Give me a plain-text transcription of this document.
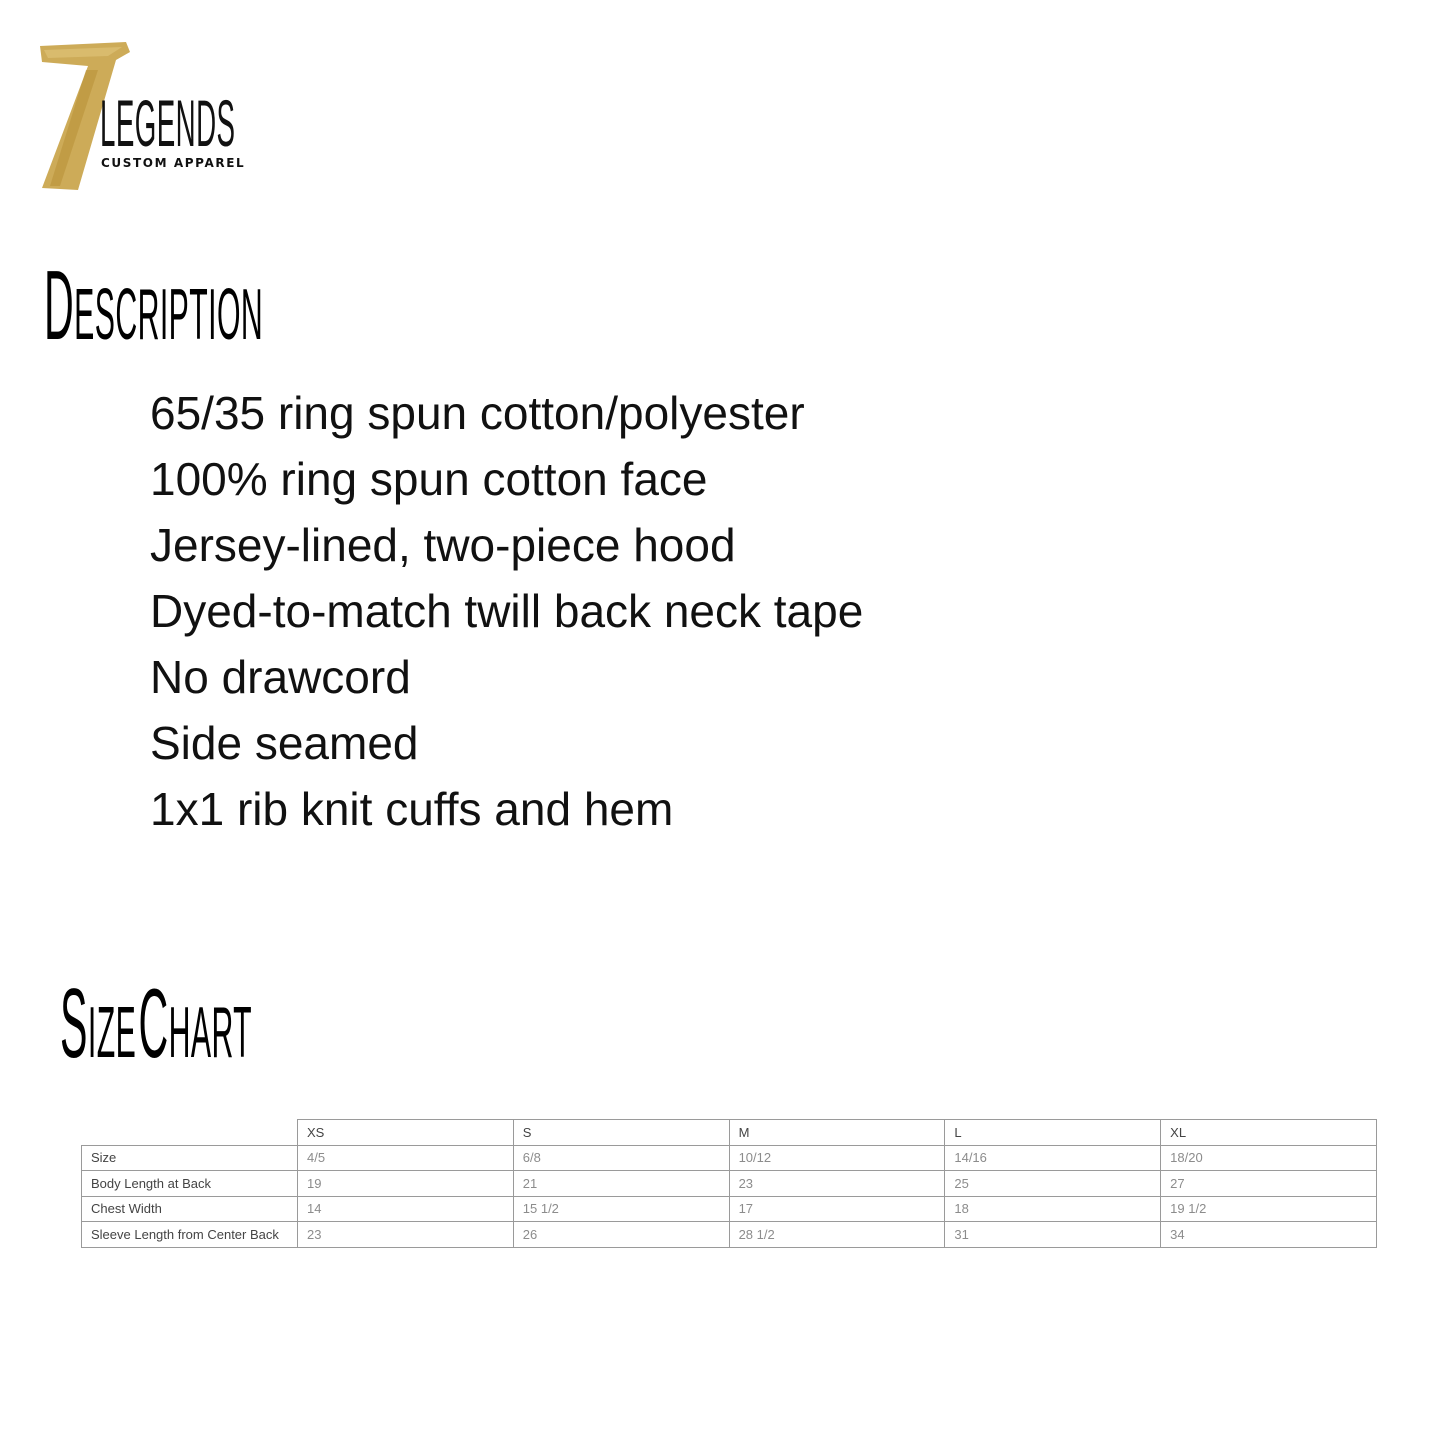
LEGENDS
CUSTOM APPAREL
DESCRIPTION
65/35 ring spun cotton/polyester
100% ring spun cotton face
Jersey-lined, two-piece hood
Dyed-to-match twill back neck tape
No drawcord
Side seamed
1x1 rib knit cuffs and hem
SIZE CHART
	XS	S	M	L	XL
Size	4/5	6/8	10/12	14/16	18/20
Body Length at Back	19	21	23	25	27
Chest Width	14	15 1/2	17	18	19 1/2
Sleeve Length from Center Back	23	26	28 1/2	31	34
